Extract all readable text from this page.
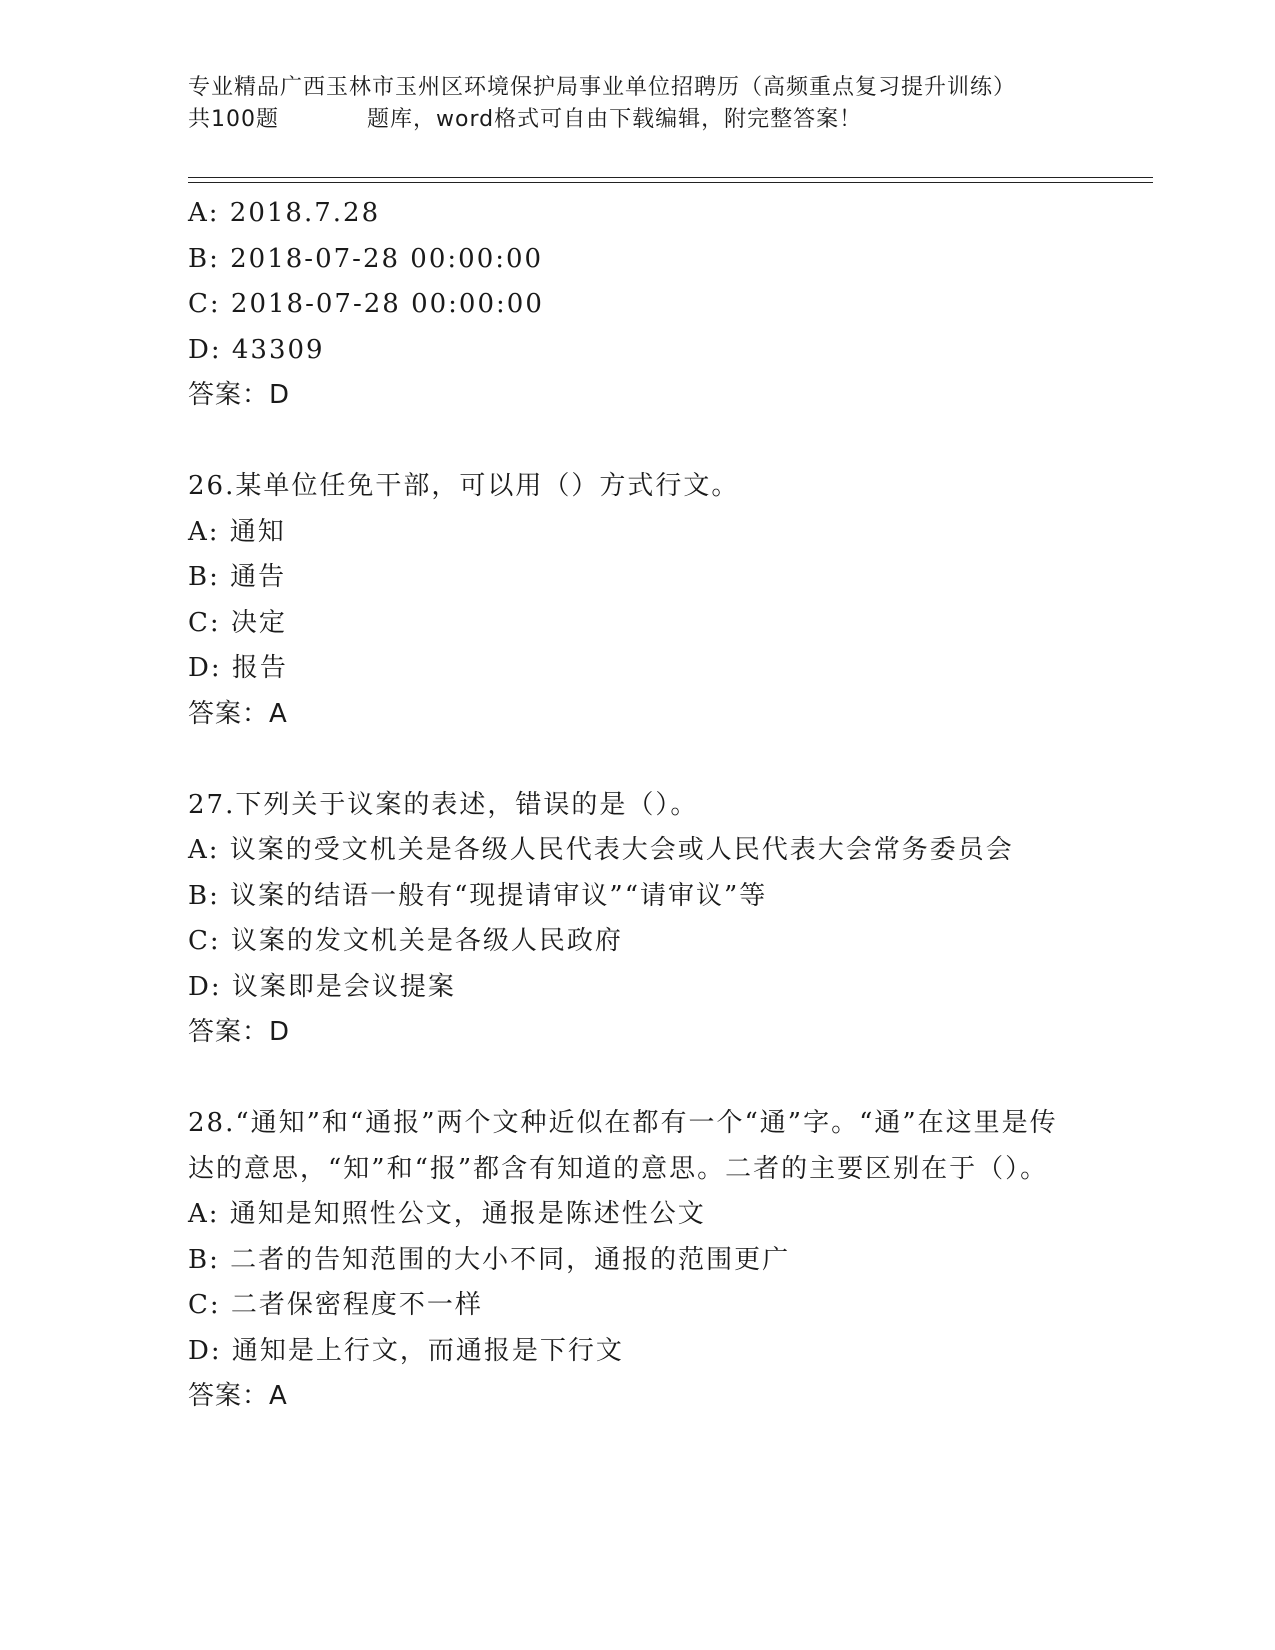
专业精品广西玉林市玉州区环境保护局事业单位招聘历（高频重点复习提升训练）
共100题	题库，word格式可自由下载编辑，附完整答案！
A: 2018.7.28
B: 2018-07-28 00:00:00
C: 2018-07-28 00:00:00
D: 43309
答案：D
26.某单位任免干部，可以用（）方式行文。
A: 通知
B: 通告
C: 决定
D: 报告
答案：A
27.下列关于议案的表述，错误的是（）。
A: 议案的受文机关是各级人民代表大会或人民代表大会常务委员会
B: 议案的结语一般有“现提请审议”“请审议”等
C: 议案的发文机关是各级人民政府
D: 议案即是会议提案
答案：D
28.“通知”和“通报”两个文种近似在都有一个“通”字。“通”在这里是传达的意思，“知”和“报”都含有知道的意思。二者的主要区别在于（）。
A: 通知是知照性公文，通报是陈述性公文
B: 二者的告知范围的大小不同，通报的范围更广
C: 二者保密程度不一样
D: 通知是上行文，而通报是下行文
答案：A
